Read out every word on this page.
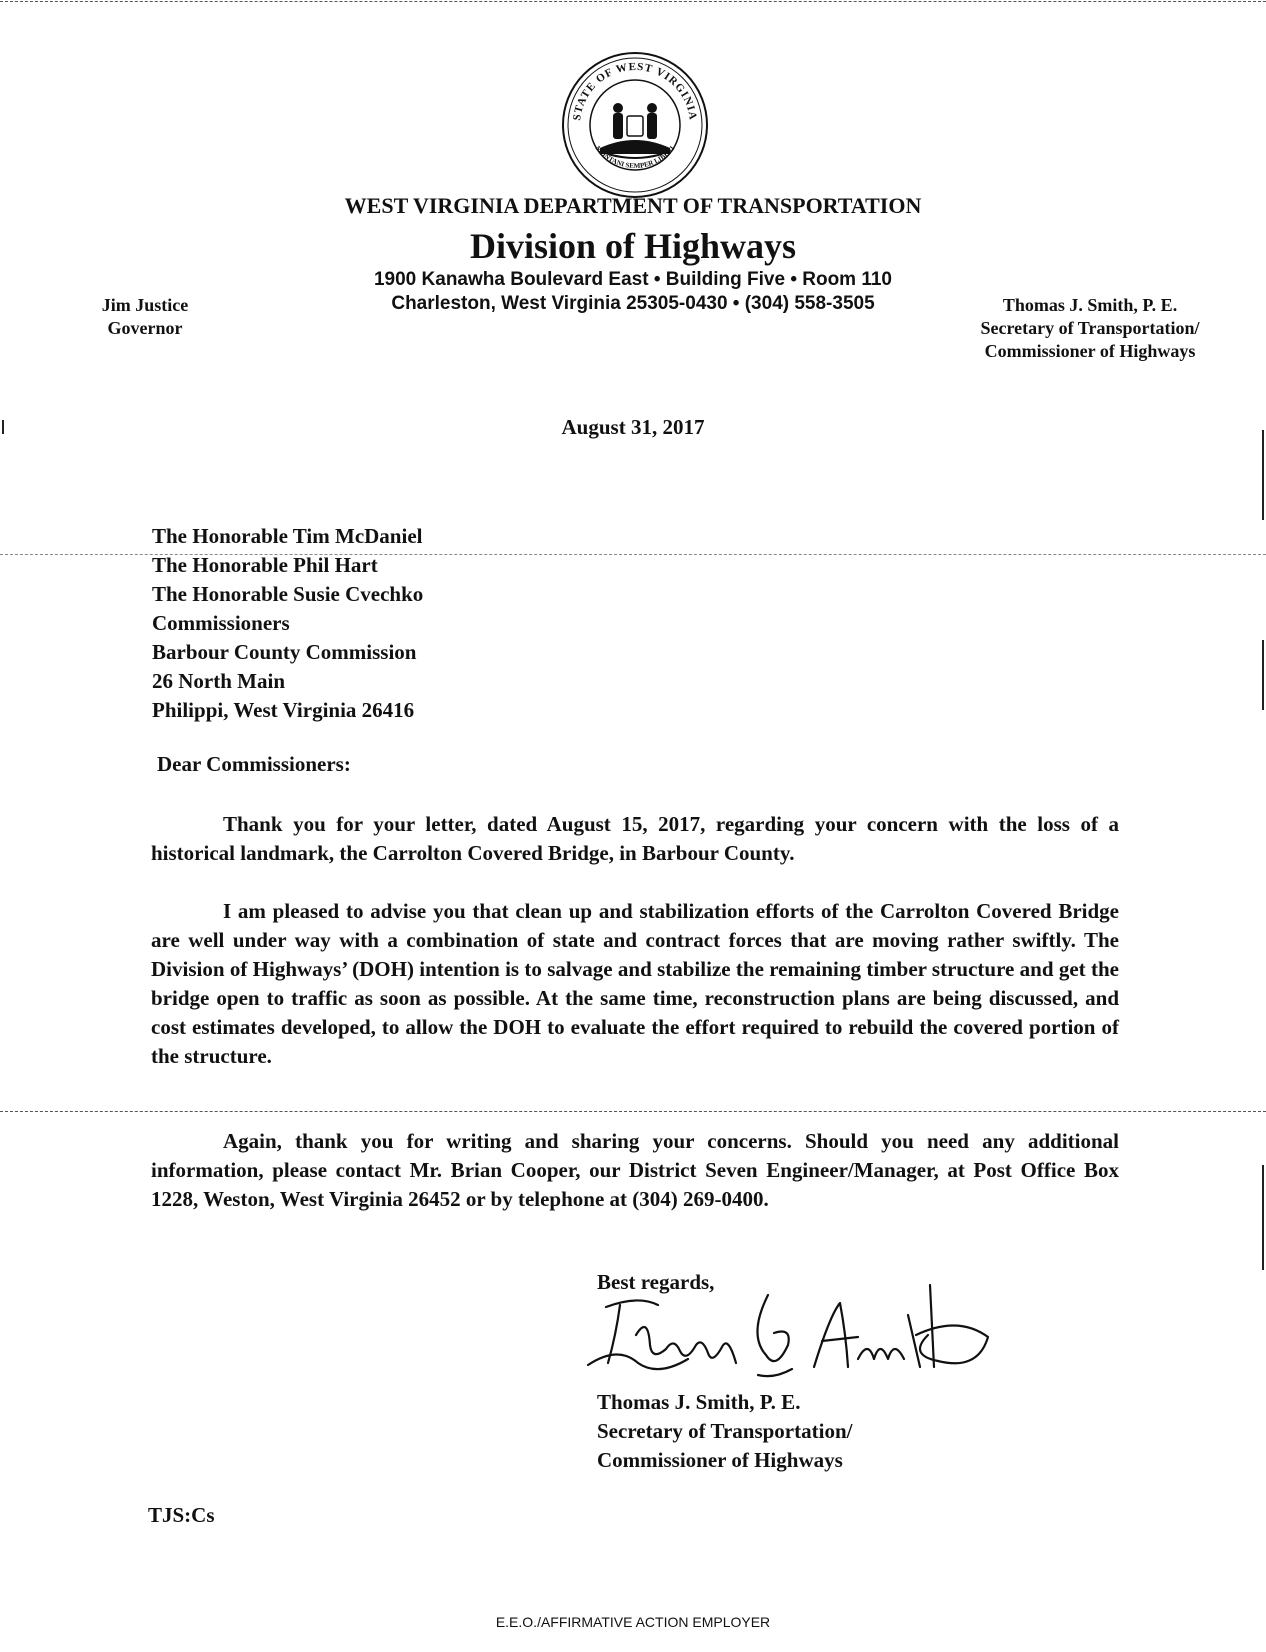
STATE OF WEST VIRGINIA
MONTANI SEMPER LIBERI
WEST VIRGINIA DEPARTMENT OF TRANSPORTATION
Division of Highways
1900 Kanawha Boulevard East • Building Five • Room 110
Charleston, West Virginia 25305-0430 • (304) 558-3505
Jim Justice
Governor
Thomas J. Smith, P. E.
Secretary of Transportation/
Commissioner of Highways
August 31, 2017
The Honorable Tim McDaniel
The Honorable Phil Hart
The Honorable Susie Cvechko
Commissioners
Barbour County Commission
26 North Main
Philippi, West Virginia 26416
Dear Commissioners:
Thank you for your letter, dated August 15, 2017, regarding your concern with the loss of a historical landmark, the Carrolton Covered Bridge, in Barbour County.
I am pleased to advise you that clean up and stabilization efforts of the Carrolton Covered Bridge are well under way with a combination of state and contract forces that are moving rather swiftly. The Division of Highways’ (DOH) intention is to salvage and stabilize the remaining timber structure and get the bridge open to traffic as soon as possible. At the same time, reconstruction plans are being discussed, and cost estimates developed, to allow the DOH to evaluate the effort required to rebuild the covered portion of the structure.
Again, thank you for writing and sharing your concerns. Should you need any additional information, please contact Mr. Brian Cooper, our District Seven Engineer/Manager, at Post Office Box 1228, Weston, West Virginia 26452 or by telephone at (304) 269-0400.
Best regards,
Thomas J. Smith, P. E.
Secretary of Transportation/
Commissioner of Highways
TJS:Cs
E.E.O./AFFIRMATIVE ACTION EMPLOYER
